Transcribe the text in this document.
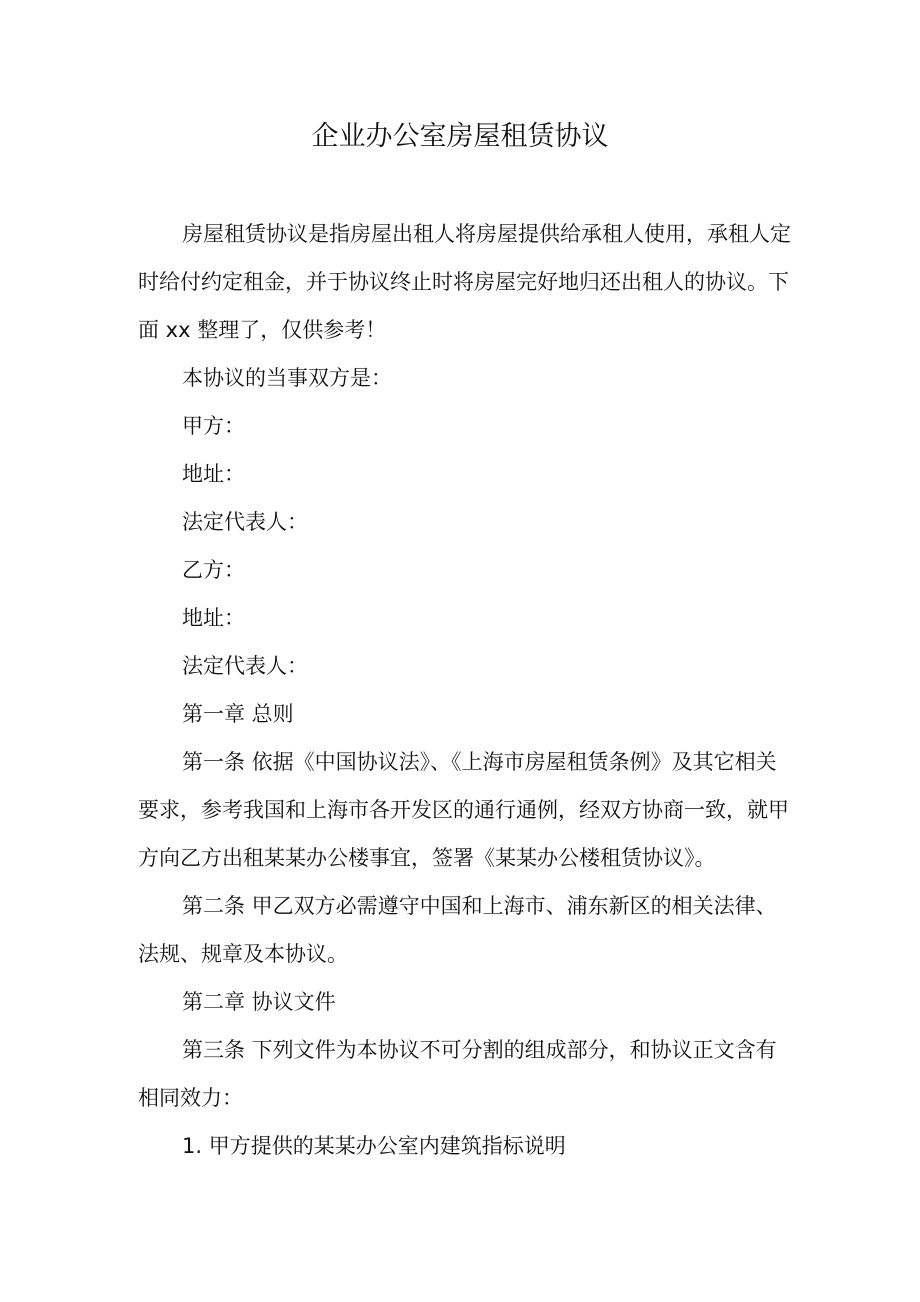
企业办公室房屋租赁协议

房屋租赁协议是指房屋出租人将房屋提供给承租人使用，承租人定时给付约定租金，并于协议终止时将房屋完好地归还出租人的协议。下面 xx 整理了，仅供参考！

本协议的当事双方是：

甲方：

地址：

法定代表人：

乙方：

地址：

法定代表人：

第一章 总则

第一条 依据《中国协议法》、《上海市房屋租赁条例》及其它相关要求，参考我国和上海市各开发区的通行通例，经双方协商一致，就甲方向乙方出租某某办公楼事宜，签署《某某办公楼租赁协议》。

第二条 甲乙双方必需遵守中国和上海市、浦东新区的相关法律、法规、规章及本协议。

第二章 协议文件

第三条 下列文件为本协议不可分割的组成部分，和协议正文含有相同效力：

1. 甲方提供的某某办公室内建筑指标说明
